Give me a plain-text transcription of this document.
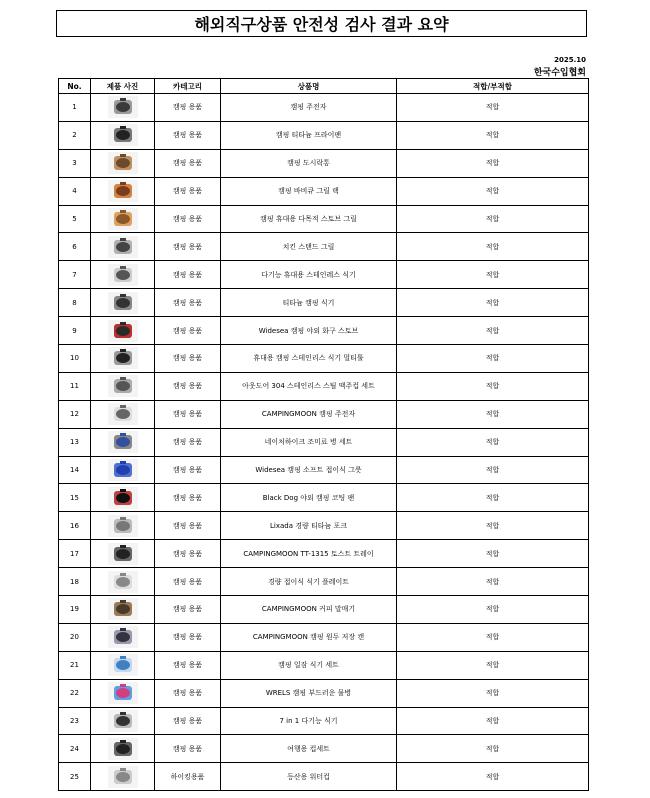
해외직구상품 안전성 검사 결과 요약
2025.10
한국수입협회
No.	제품 사진	카테고리	상품명	적합/부적합
1		캠핑 용품	캠핑 주전자	적합
2		캠핑 용품	캠핑 티타늄 프라이팬	적합
3		캠핑 용품	캠핑 도시락통	적합
4		캠핑 용품	캠핑 바비큐 그릴 랙	적합
5		캠핑 용품	캠핑 휴대용 다목적 스토브 그릴	적합
6		캠핑 용품	치킨 스탠드 그릴	적합
7		캠핑 용품	다기능 휴대용 스테인레스 식기	적합
8		캠핑 용품	티타늄 캠핑 식기	적합
9		캠핑 용품	Widesea 캠핑 야외 화구 스토브	적합
10		캠핑 용품	휴대용 캠핑 스테인리스 식기 멀티툴	적합
11		캠핑 용품	아웃도어 304 스테인리스 스틸 맥주컵 세트	적합
12		캠핑 용품	CAMPINGMOON 캠핑 주전자	적합
13		캠핑 용품	네이처하이크 조미료 병 세트	적합
14		캠핑 용품	Widesea 캠핑 소프트 접이식 그릇	적합
15		캠핑 용품	Black Dog 야외 캠핑 코팅 팬	적합
16		캠핑 용품	Lixada 경량 티타늄 포크	적합
17		캠핑 용품	CAMPINGMOON TT-1315 토스트 트레이	적합
18		캠핑 용품	경량 접이식 식기 플레이트	적합
19		캠핑 용품	CAMPINGMOON 커피 말매기	적합
20		캠핑 용품	CAMPINGMOON 캠핑 원두 저장 캔	적합
21		캠핑 용품	캠핑 일잠 식기 세트	적합
22		캠핑 용품	WRELS 캠핑 부드러운 물병	적합
23		캠핑 용품	7 in 1 다기능 식기	적합
24		캠핑 용품	여행용 컵세트	적합
25		하이킹용품	등산용 워터컵	적합
